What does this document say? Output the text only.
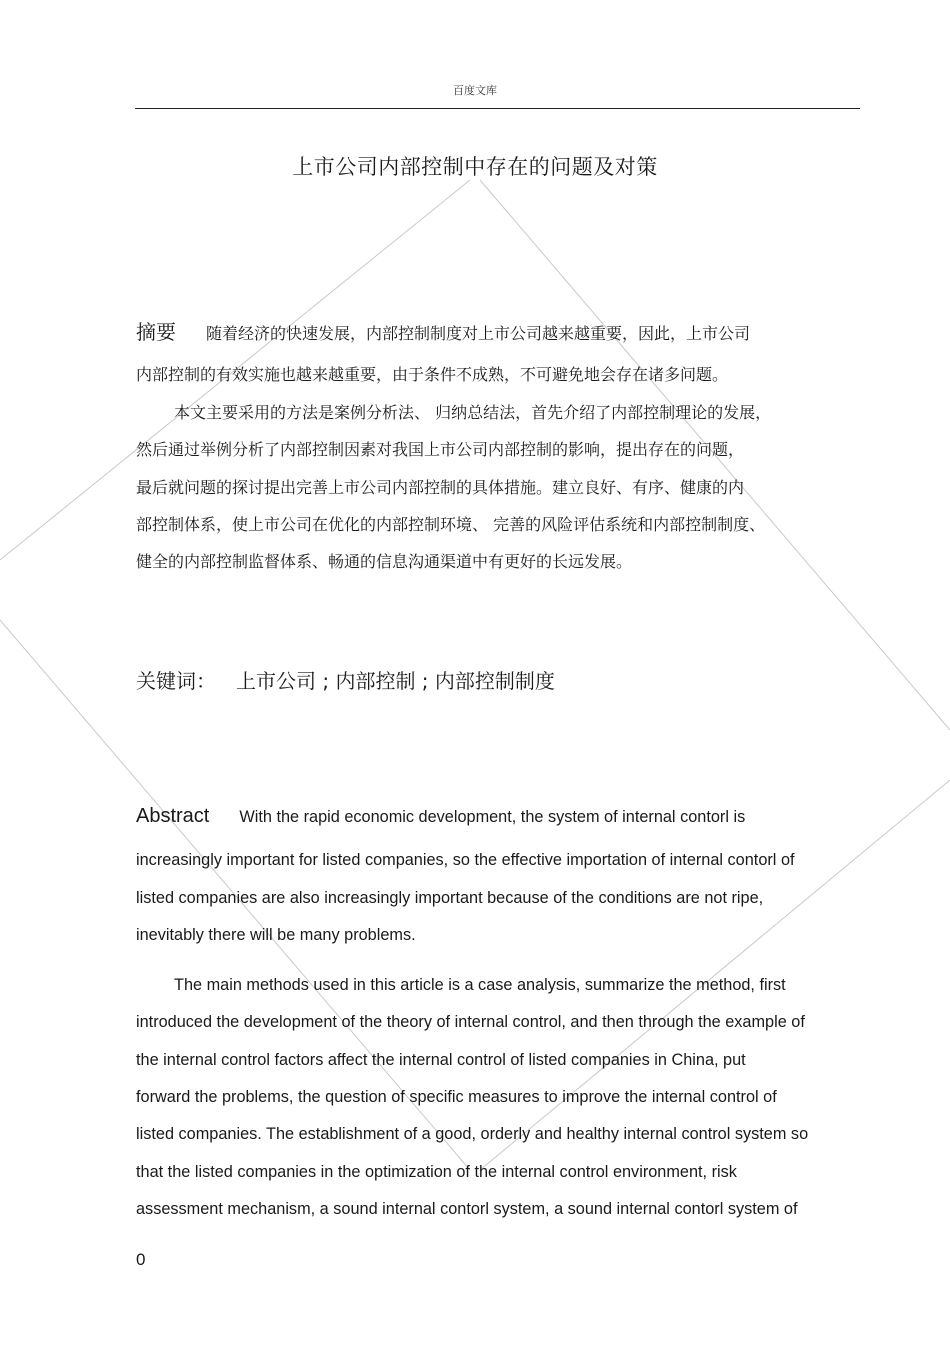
百度文库
上市公司内部控制中存在的问题及对策
摘要 随着经济的快速发展，内部控制制度对上市公司越来越重要，因此，上市公司
内部控制的有效实施也越来越重要，由于条件不成熟，不可避免地会存在诸多问题。
本文主要采用的方法是案例分析法、 归纳总结法，首先介绍了内部控制理论的发展，
然后通过举例分析了内部控制因素对我国上市公司内部控制的影响，提出存在的问题，
最后就问题的探讨提出完善上市公司内部控制的具体措施。建立良好、有序、健康的内
部控制体系，使上市公司在优化的内部控制环境、 完善的风险评估系统和内部控制制度、
健全的内部控制监督体系、畅通的信息沟通渠道中有更好的长远发展。
关键词： 上市公司 ; 内部控制 ; 内部控制制度
Abstract With the rapid economic development, the system of internal contorl is
increasingly important for listed companies, so the effective importation of internal contorl of
listed companies are also increasingly important because of the conditions are not ripe,
inevitably there will be many problems.
The main methods used in this article is a case analysis, summarize the method, first
introduced the development of the theory of internal control, and then through the example of
the internal control factors affect the internal control of listed companies in China, put
forward the problems, the question of specific measures to improve the internal control of
listed companies. The establishment of a good, orderly and healthy internal control system so
that the listed companies in the optimization of the internal control environment, risk
assessment mechanism, a sound internal contorl system, a sound internal contorl system of
0
